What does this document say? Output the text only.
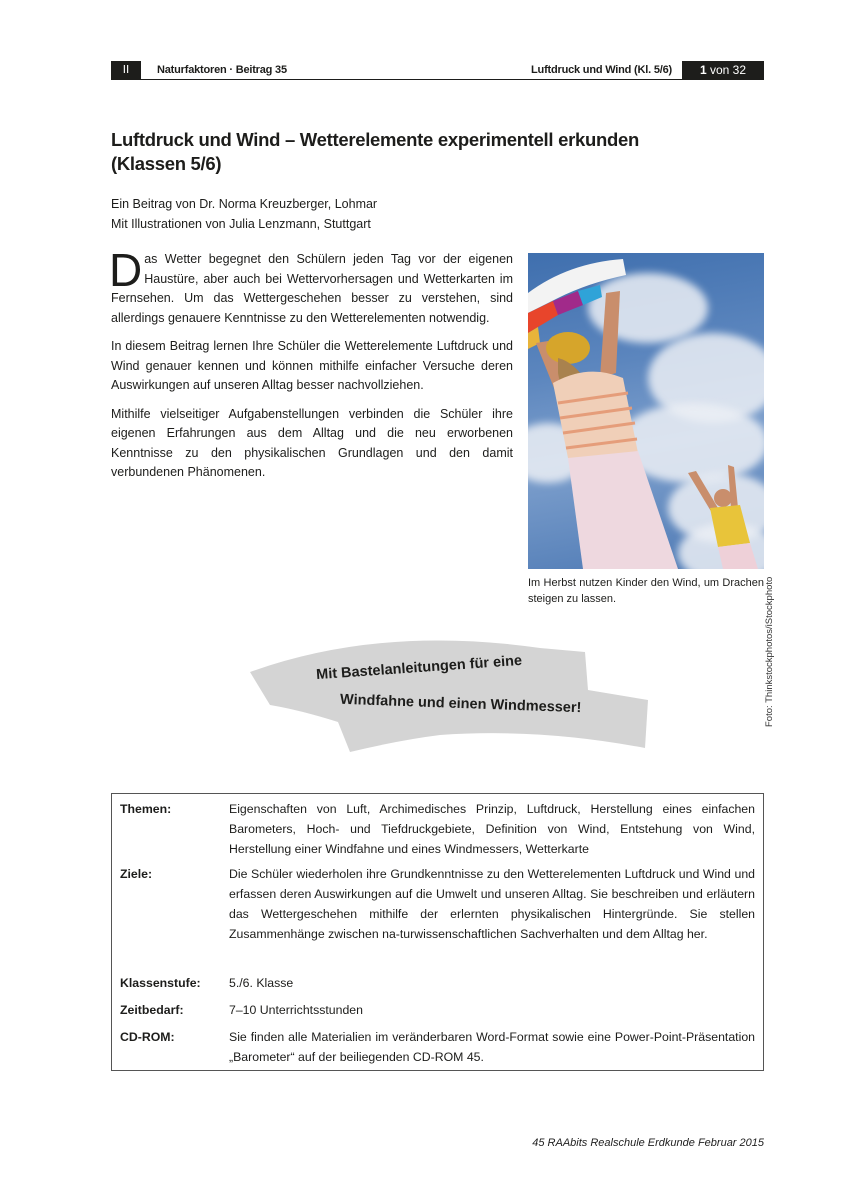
II	Naturfaktoren · Beitrag 35	Luftdruck und Wind (Kl. 5/6)	1 von 32
Luftdruck und Wind – Wetterelemente experimentell erkunden
(Klassen 5/6)
Ein Beitrag von Dr. Norma Kreuzberger, Lohmar
Mit Illustrationen von Julia Lenzmann, Stuttgart

Das Wetter begegnet den Schülern jeden Tag vor der eigenen Haustüre, aber auch bei Wettervorhersagen und Wetterkarten im Fernsehen. Um das Wettergeschehen besser zu verstehen, sind allerdings genauere Kenntnisse zu den Wetterelementen notwendig.

In diesem Beitrag lernen Ihre Schüler die Wetterelemente Luftdruck und Wind genauer kennen und können mithilfe einfacher Versuche deren Auswirkungen auf unseren Alltag besser nachvollziehen.

Mithilfe vielseitiger Aufgabenstellungen verbinden die Schüler ihre eigenen Erfahrungen aus dem Alltag und die neu erworbenen Kenntnisse zu den physikalischen Grundlagen und den damit verbundenen Phänomenen.

Foto: Thinkstockphotos/iStockphoto
Im Herbst nutzen Kinder den Wind, um Drachen steigen zu lassen.
Mit Bastelanleitungen für eine
Windfahne und einen Windmesser!
Themen:	Eigenschaften von Luft, Archimedisches Prinzip, Luftdruck, Herstellung eines einfachen Barometers, Hoch- und Tiefdruckgebiete, Definition von Wind, Entstehung von Wind, Herstellung einer Windfahne und eines Windmessers, Wetterkarte
Ziele:	Die Schüler wiederholen ihre Grundkenntnisse zu den Wetterelementen Luftdruck und Wind und erfassen deren Auswirkungen auf die Umwelt und unseren Alltag. Sie beschreiben und erläutern das Wettergeschehen mithilfe der erlernten physikalischen Hintergründe. Sie stellen Zusammenhänge zwischen na-turwissenschaftlichen Sachverhalten und dem Alltag her.
Klassenstufe: 5./6. Klasse
Zeitbedarf:	7–10 Unterrichtsstunden
CD-ROM:	Sie finden alle Materialien im veränderbaren Word-Format sowie eine Power-Point-Präsentation „Barometer“ auf der beiliegenden CD-ROM 45.
45 RAAbits Realschule Erdkunde Februar 2015
